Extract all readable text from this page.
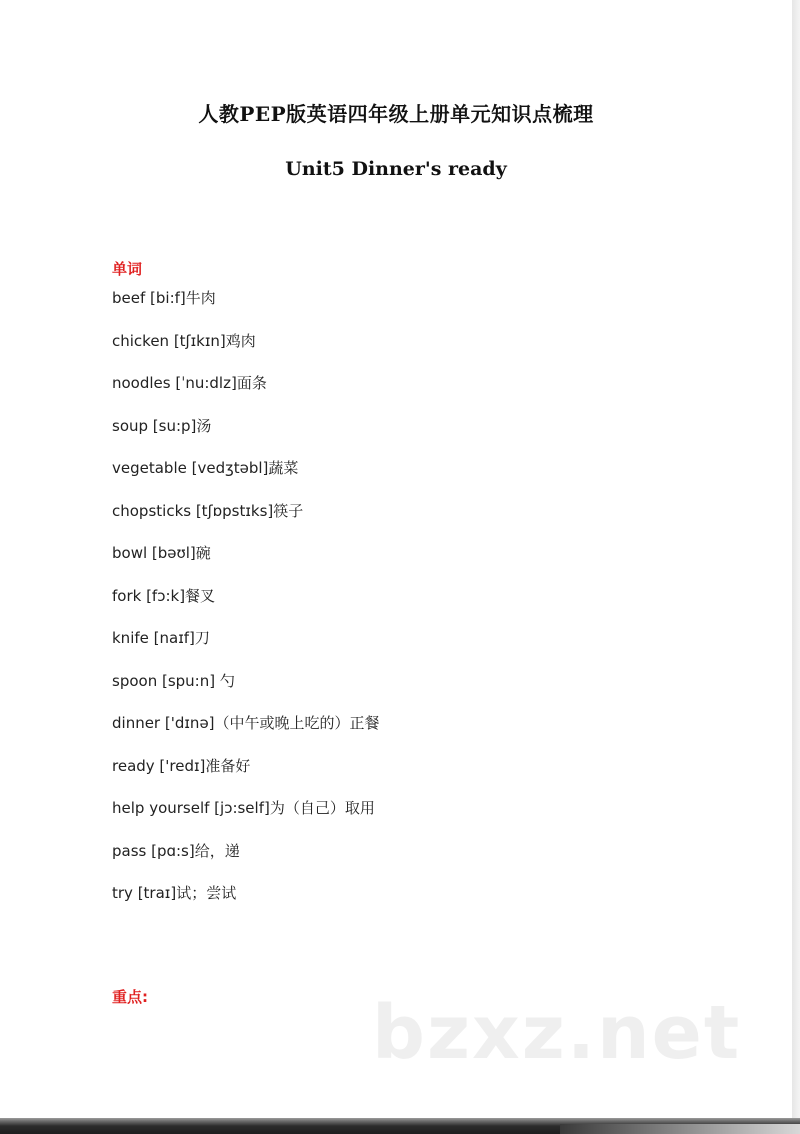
人教PEP版英语四年级上册单元知识点梳理
Unit5 Dinner's ready
单词
beef [bi:f]牛肉
chicken [tʃɪkɪn]鸡肉
noodles [ˈnu:dlz]面条
soup [su:p]汤
vegetable [vedʒtəbl]蔬菜
chopsticks [tʃɒpstɪks]筷子
bowl [bəʊl]碗
fork [fɔ:k]餐叉
knife [naɪf]刀
spoon [spu:n] 勺
dinner ['dɪnə]（中午或晚上吃的）正餐
ready ['redɪ]准备好
help yourself [jɔ:self]为（自己）取用
pass [pɑ:s]给，递
try [traɪ]试；尝试
重点:	bzxz.net
